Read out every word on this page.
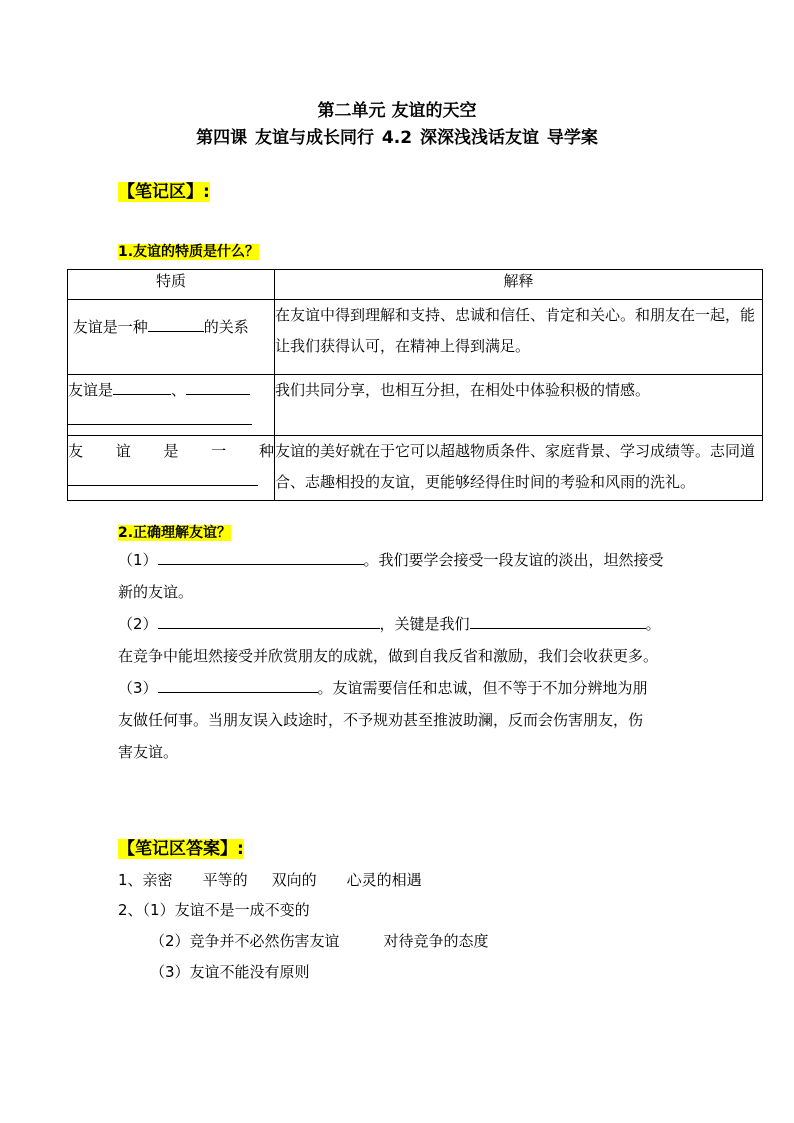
第二单元 友谊的天空
第四课 友谊与成长同行 4.2 深深浅浅话友谊 导学案
【笔记区】:
1.友谊的特质是什么？
特质	解释
友谊是一种 的关系	在友谊中得到理解和支持、忠诚和信任、肯定和关心。和朋友在一起，能让我们获得认可，在精神上得到满足。

友谊是 、	我们共同分享，也相互分担，在相处中体验积极的情感。

友 谊 是 一 种	友谊的美好就在于它可以超越物质条件、家庭背景、学习成绩等。志同道合、志趣相投的友谊，更能够经得住时间的考验和风雨的洗礼。
2.正确理解友谊？
（1）	。我们要学会接受一段友谊的淡出，坦然接受
新的友谊。
（2）	，关键是我们	。
在竞争中能坦然接受并欣赏朋友的成就，做到自我反省和激励，我们会收获更多。
（3）	。友谊需要信任和忠诚，但不等于不加分辨地为朋
友做任何事。当朋友误入歧途时，不予规劝甚至推波助澜，反而会伤害朋友，伤
害友谊。
【笔记区答案】:
1、亲密 平等的 双向的 心灵的相遇
2、（1）友谊不是一成不变的
（2）竞争并不必然伤害友谊	对待竞争的态度
（3）友谊不能没有原则
